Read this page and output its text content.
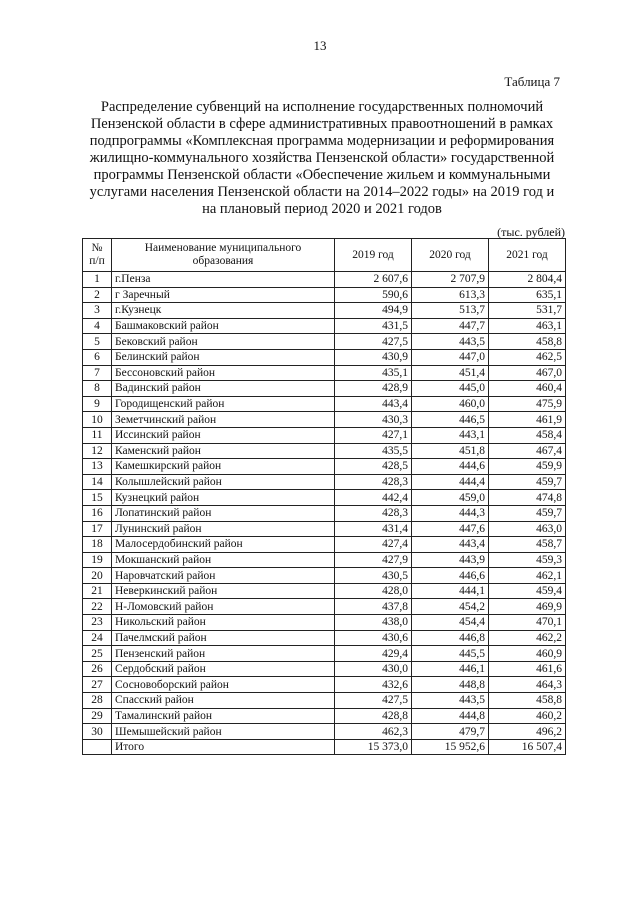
13
Таблица 7
Распределение субвенций на исполнение государственных полномочий
Пензенской области в сфере административных правоотношений в рамках
подпрограммы «Комплексная программа модернизации и реформирования
жилищно-коммунального хозяйства Пензенской области» государственной
программы Пензенской области «Обеспечение жильем и коммунальными
услугами населения Пензенской области на 2014–2022 годы» на 2019 год и
на плановый период 2020 и 2021 годов
(тыс. рублей)
№ п/п	Наименование муниципального образования	2019 год	2020 год	2021 год
1	г.Пенза	2 607,6	2 707,9	2 804,4
2	г Заречный	590,6	613,3	635,1
3	г.Кузнецк	494,9	513,7	531,7
4	Башмаковский район	431,5	447,7	463,1
5	Бековский район	427,5	443,5	458,8
6	Белинский район	430,9	447,0	462,5
7	Бессоновский район	435,1	451,4	467,0
8	Вадинский район	428,9	445,0	460,4
9	Городищенский район	443,4	460,0	475,9
10	Земетчинский район	430,3	446,5	461,9
11	Иссинский район	427,1	443,1	458,4
12	Каменский район	435,5	451,8	467,4
13	Камешкирский район	428,5	444,6	459,9
14	Колышлейский район	428,3	444,4	459,7
15	Кузнецкий район	442,4	459,0	474,8
16	Лопатинский район	428,3	444,3	459,7
17	Лунинский район	431,4	447,6	463,0
18	Малосердобинский район	427,4	443,4	458,7
19	Мокшанский район	427,9	443,9	459,3
20	Наровчатский район	430,5	446,6	462,1
21	Неверкинский район	428,0	444,1	459,4
22	Н-Ломовский район	437,8	454,2	469,9
23	Никольский район	438,0	454,4	470,1
24	Пачелмский район	430,6	446,8	462,2
25	Пензенский район	429,4	445,5	460,9
26	Сердобский район	430,0	446,1	461,6
27	Сосновоборский район	432,6	448,8	464,3
28	Спасский район	427,5	443,5	458,8
29	Тамалинский район	428,8	444,8	460,2
30	Шемышейский район	462,3	479,7	496,2
	Итого	15 373,0	15 952,6	16 507,4
